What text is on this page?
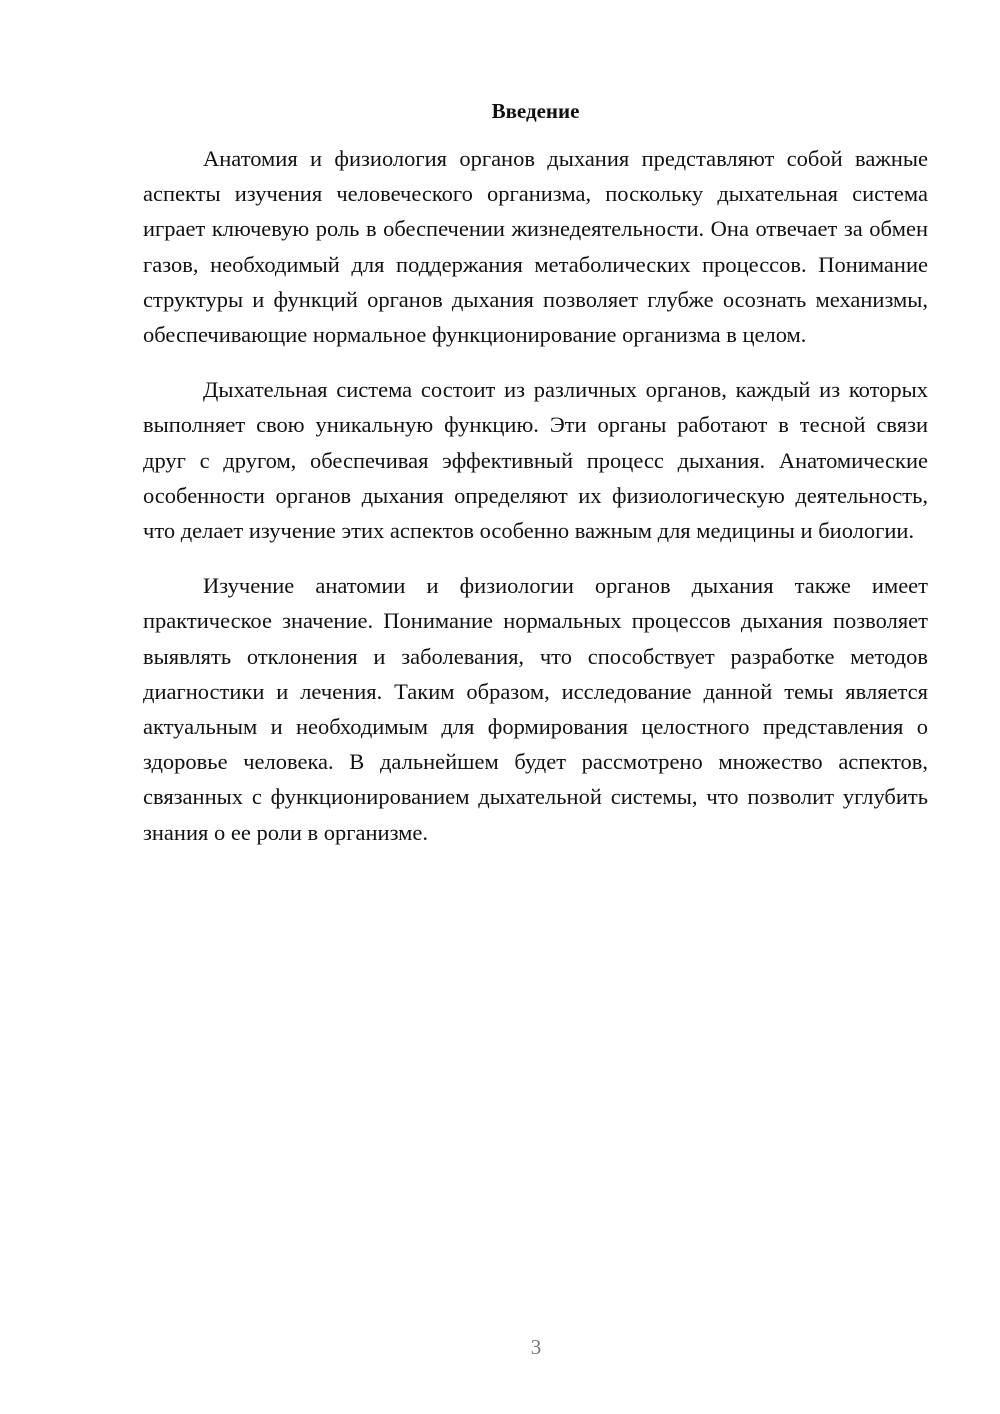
Введение

Анатомия и физиология органов дыхания представляют собой важные аспекты изучения человеческого организма, поскольку дыхательная система играет ключевую роль в обеспечении жизнедеятельности. Она отвечает за обмен газов, необходимый для поддержания метаболических процессов. Понимание структуры и функций органов дыхания позволяет глубже осознать механизмы, обеспечивающие нормальное функционирование организма в целом.

Дыхательная система состоит из различных органов, каждый из которых выполняет свою уникальную функцию. Эти органы работают в тесной связи друг с другом, обеспечивая эффективный процесс дыхания. Анатомические особенности органов дыхания определяют их физиологическую деятельность, что делает изучение этих аспектов особенно важным для медицины и биологии.

Изучение анатомии и физиологии органов дыхания также имеет практическое значение. Понимание нормальных процессов дыхания позволяет выявлять отклонения и заболевания, что способствует разработке методов диагностики и лечения. Таким образом, исследование данной темы является актуальным и необходимым для формирования целостного представления о здоровье человека. В дальнейшем будет рассмотрено множество аспектов, связанных с функционированием дыхательной системы, что позволит углубить знания о ее роли в организме.

3
